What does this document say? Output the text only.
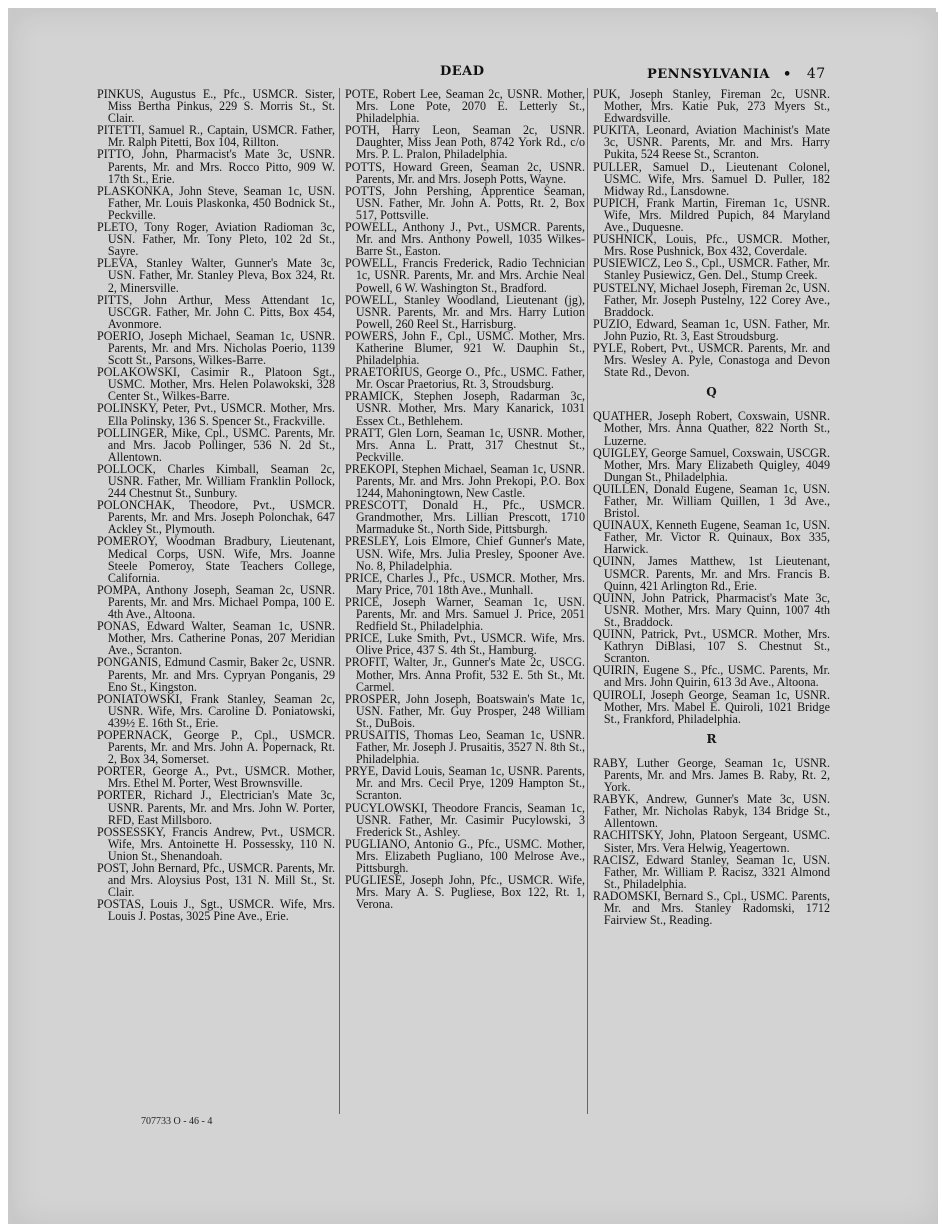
DEAD	PENNSYLVANIA • 47

PINKUS, Augustus E., Pfc., USMCR. Sister, Miss Bertha Pinkus, 229 S. Morris St., St. Clair.

PITETTI, Samuel R., Captain, USMCR. Father, Mr. Ralph Pitetti, Box 104, Rillton.

PITTO, John, Pharmacist's Mate 3c, USNR. Parents, Mr. and Mrs. Rocco Pitto, 909 W. 17th St., Erie.

PLASKONKA, John Steve, Seaman 1c, USN. Father, Mr. Louis Plaskonka, 450 Bodnick St., Peckville.

PLETO, Tony Roger, Aviation Radioman 3c, USN. Father, Mr. Tony Pleto, 102 2d St., Sayre.

PLEVA, Stanley Walter, Gunner's Mate 3c, USN. Father, Mr. Stanley Pleva, Box 324, Rt. 2, Minersville.

PITTS, John Arthur, Mess Attendant 1c, USCGR. Father, Mr. John C. Pitts, Box 454, Avonmore.

POERIO, Joseph Michael, Seaman 1c, USNR. Parents, Mr. and Mrs. Nicholas Poerio, 1139 Scott St., Parsons, Wilkes-Barre.

POLAKOWSKI, Casimir R., Platoon Sgt., USMC. Mother, Mrs. Helen Polawokski, 328 Center St., Wilkes-Barre.

POLINSKY, Peter, Pvt., USMCR. Mother, Mrs. Ella Polinsky, 136 S. Spencer St., Frackville.

POLLINGER, Mike, Cpl., USMC. Parents, Mr. and Mrs. Jacob Pollinger, 536 N. 2d St., Allentown.

POLLOCK, Charles Kimball, Seaman 2c, USNR. Father, Mr. William Franklin Pollock, 244 Chestnut St., Sunbury.

POLONCHAK, Theodore, Pvt., USMCR. Parents, Mr. and Mrs. Joseph Polonchak, 647 Ackley St., Plymouth.

POMEROY, Woodman Bradbury, Lieutenant, Medical Corps, USN. Wife, Mrs. Joanne Steele Pomeroy, State Teachers College, California.

POMPA, Anthony Joseph, Seaman 2c, USNR. Parents, Mr. and Mrs. Michael Pompa, 100 E. 4th Ave., Altoona.

PONAS, Edward Walter, Seaman 1c, USNR. Mother, Mrs. Catherine Ponas, 207 Meridian Ave., Scranton.

PONGANIS, Edmund Casmir, Baker 2c, USNR. Parents, Mr. and Mrs. Cypryan Ponganis, 29 Eno St., Kingston.

PONIATOWSKI, Frank Stanley, Seaman 2c, USNR. Wife, Mrs. Caroline D. Poniatowski, 439½ E. 16th St., Erie.

POPERNACK, George P., Cpl., USMCR. Parents, Mr. and Mrs. John A. Popernack, Rt. 2, Box 34, Somerset.

PORTER, George A., Pvt., USMCR. Mother, Mrs. Ethel M. Porter, West Brownsville.

PORTER, Richard J., Electrician's Mate 3c, USNR. Parents, Mr. and Mrs. John W. Porter, RFD, East Millsboro.

POSSESSKY, Francis Andrew, Pvt., USMCR. Wife, Mrs. Antoinette H. Possessky, 110 N. Union St., Shenandoah.

POST, John Bernard, Pfc., USMCR. Parents, Mr. and Mrs. Aloysius Post, 131 N. Mill St., St. Clair.

POSTAS, Louis J., Sgt., USMCR. Wife, Mrs. Louis J. Postas, 3025 Pine Ave., Erie.

POTE, Robert Lee, Seaman 2c, USNR. Mother, Mrs. Lone Pote, 2070 E. Letterly St., Philadelphia.

POTH, Harry Leon, Seaman 2c, USNR. Daughter, Miss Jean Poth, 8742 York Rd., c/o Mrs. P. L. Pralon, Philadelphia.

POTTS, Howard Green, Seaman 2c, USNR. Parents, Mr. and Mrs. Joseph Potts, Wayne.

POTTS, John Pershing, Apprentice Seaman, USN. Father, Mr. John A. Potts, Rt. 2, Box 517, Pottsville.

POWELL, Anthony J., Pvt., USMCR. Parents, Mr. and Mrs. Anthony Powell, 1035 Wilkes-Barre St., Easton.

POWELL, Francis Frederick, Radio Technician 1c, USNR. Parents, Mr. and Mrs. Archie Neal Powell, 6 W. Washington St., Bradford.

POWELL, Stanley Woodland, Lieutenant (jg), USNR. Parents, Mr. and Mrs. Harry Lution Powell, 260 Reel St., Harrisburg.

POWERS, John F., Cpl., USMC. Mother, Mrs. Katherine Blumer, 921 W. Dauphin St., Philadelphia.

PRAETORIUS, George O., Pfc., USMC. Father, Mr. Oscar Praetorius, Rt. 3, Stroudsburg.

PRAMICK, Stephen Joseph, Radarman 3c, USNR. Mother, Mrs. Mary Kanarick, 1031 Essex Ct., Bethlehem.

PRATT, Glen Lorn, Seaman 1c, USNR. Mother, Mrs. Anna L. Pratt, 317 Chestnut St., Peckville.

PREKOPI, Stephen Michael, Seaman 1c, USNR. Parents, Mr. and Mrs. John Prekopi, P.O. Box 1244, Mahoningtown, New Castle.

PRESCOTT, Donald H., Pfc., USMCR. Grandmother, Mrs. Lillian Prescott, 1710 Marmaduke St., North Side, Pittsburgh.

PRESLEY, Lois Elmore, Chief Gunner's Mate, USN. Wife, Mrs. Julia Presley, Spooner Ave. No. 8, Philadelphia.

PRICE, Charles J., Pfc., USMCR. Mother, Mrs. Mary Price, 701 18th Ave., Munhall.

PRICE, Joseph Warner, Seaman 1c, USN. Parents, Mr. and Mrs. Samuel J. Price, 2051 Redfield St., Philadelphia.

PRICE, Luke Smith, Pvt., USMCR. Wife, Mrs. Olive Price, 437 S. 4th St., Hamburg.

PROFIT, Walter, Jr., Gunner's Mate 2c, USCG. Mother, Mrs. Anna Profit, 532 E. 5th St., Mt. Carmel.

PROSPER, John Joseph, Boatswain's Mate 1c, USN. Father, Mr. Guy Prosper, 248 William St., DuBois.

PRUSAITIS, Thomas Leo, Seaman 1c, USNR. Father, Mr. Joseph J. Prusaitis, 3527 N. 8th St., Philadelphia.

PRYE, David Louis, Seaman 1c, USNR. Parents, Mr. and Mrs. Cecil Prye, 1209 Hampton St., Scranton.

PUCYLOWSKI, Theodore Francis, Seaman 1c, USNR. Father, Mr. Casimir Pucylowski, 3 Frederick St., Ashley.

PUGLIANO, Antonio G., Pfc., USMC. Mother, Mrs. Elizabeth Pugliano, 100 Melrose Ave., Pittsburgh.

PUGLIESE, Joseph John, Pfc., USMCR. Wife, Mrs. Mary A. S. Pugliese, Box 122, Rt. 1, Verona.

PUK, Joseph Stanley, Fireman 2c, USNR. Mother, Mrs. Katie Puk, 273 Myers St., Edwardsville.

PUKITA, Leonard, Aviation Machinist's Mate 3c, USNR. Parents, Mr. and Mrs. Harry Pukita, 524 Reese St., Scranton.

PULLER, Samuel D., Lieutenant Colonel, USMC. Wife, Mrs. Samuel D. Puller, 182 Midway Rd., Lansdowne.

PUPICH, Frank Martin, Fireman 1c, USNR. Wife, Mrs. Mildred Pupich, 84 Maryland Ave., Duquesne.

PUSHNICK, Louis, Pfc., USMCR. Mother, Mrs. Rose Pushnick, Box 432, Coverdale.

PUSIEWICZ, Leo S., Cpl., USMCR. Father, Mr. Stanley Pusiewicz, Gen. Del., Stump Creek.

PUSTELNY, Michael Joseph, Fireman 2c, USN. Father, Mr. Joseph Pustelny, 122 Corey Ave., Braddock.

PUZIO, Edward, Seaman 1c, USN. Father, Mr. John Puzio, Rt. 3, East Stroudsburg.

PYLE, Robert, Pvt., USMCR. Parents, Mr. and Mrs. Wesley A. Pyle, Conastoga and Devon State Rd., Devon.

Q

QUATHER, Joseph Robert, Coxswain, USNR. Mother, Mrs. Anna Quather, 822 North St., Luzerne.

QUIGLEY, George Samuel, Coxswain, USCGR. Mother, Mrs. Mary Elizabeth Quigley, 4049 Dungan St., Philadelphia.

QUILLEN, Donald Eugene, Seaman 1c, USN. Father, Mr. William Quillen, 1 3d Ave., Bristol.

QUINAUX, Kenneth Eugene, Seaman 1c, USN. Father, Mr. Victor R. Quinaux, Box 335, Harwick.

QUINN, James Matthew, 1st Lieutenant, USMCR. Parents, Mr. and Mrs. Francis B. Quinn, 421 Arlington Rd., Erie.

QUINN, John Patrick, Pharmacist's Mate 3c, USNR. Mother, Mrs. Mary Quinn, 1007 4th St., Braddock.

QUINN, Patrick, Pvt., USMCR. Mother, Mrs. Kathryn DiBlasi, 107 S. Chestnut St., Scranton.

QUIRIN, Eugene S., Pfc., USMC. Parents, Mr. and Mrs. John Quirin, 613 3d Ave., Altoona.

QUIROLI, Joseph George, Seaman 1c, USNR. Mother, Mrs. Mabel E. Quiroli, 1021 Bridge St., Frankford, Philadelphia.

R

RABY, Luther George, Seaman 1c, USNR. Parents, Mr. and Mrs. James B. Raby, Rt. 2, York.

RABYK, Andrew, Gunner's Mate 3c, USN. Father, Mr. Nicholas Rabyk, 134 Bridge St., Allentown.

RACHITSKY, John, Platoon Sergeant, USMC. Sister, Mrs. Vera Helwig, Yeagertown.

RACISZ, Edward Stanley, Seaman 1c, USN. Father, Mr. William P. Racisz, 3321 Almond St., Philadelphia.

RADOMSKI, Bernard S., Cpl., USMC. Parents, Mr. and Mrs. Stanley Radomski, 1712 Fairview St., Reading.

707733 O - 46 - 4
